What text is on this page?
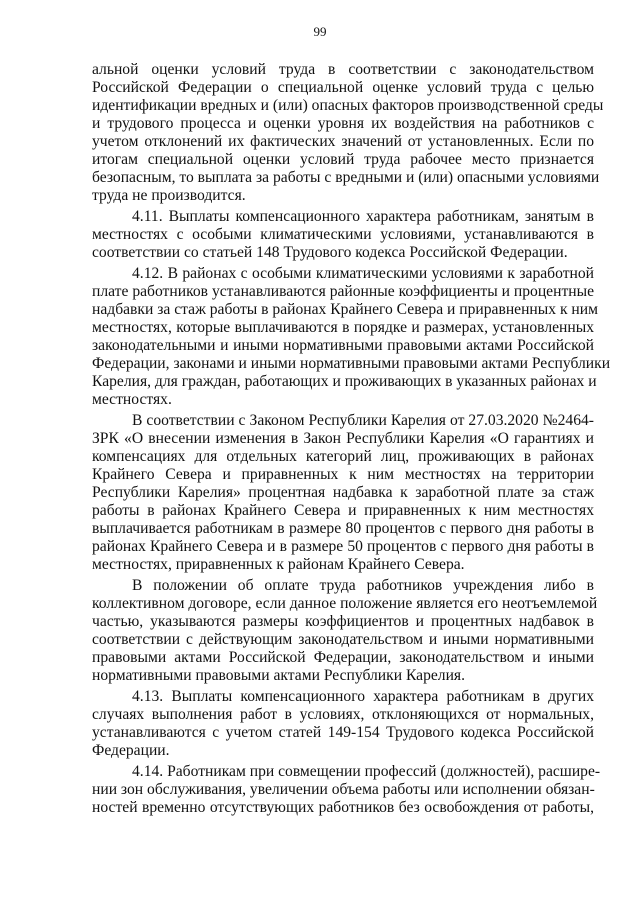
99
альной оценки условий труда в соответствии с законодательством
Российской Федерации о специальной оценке условий труда с целью
идентификации вредных и (или) опасных факторов производственной среды
и трудового процесса и оценки уровня их воздействия на работников с
учетом отклонений их фактических значений от установленных. Если по
итогам специальной оценки условий труда рабочее место признается
безопасным, то выплата за работы с вредными и (или) опасными условиями
труда не производится.
4.11. Выплаты компенсационного характера работникам, занятым в
местностях с особыми климатическими условиями, устанавливаются в
соответствии со статьей 148 Трудового кодекса Российской Федерации.
4.12. В районах с особыми климатическими условиями к заработной
плате работников устанавливаются районные коэффициенты и процентные
надбавки за стаж работы в районах Крайнего Севера и приравненных к ним
местностях, которые выплачиваются в порядке и размерах, установленных
законодательными и иными нормативными правовыми актами Российской
Федерации, законами и иными нормативными правовыми актами Республики
Карелия, для граждан, работающих и проживающих в указанных районах и
местностях.
В соответствии с Законом Республики Карелия от 27.03.2020 №2464-
ЗРК «О внесении изменения в Закон Республики Карелия «О гарантиях и
компенсациях для отдельных категорий лиц, проживающих в районах
Крайнего Севера и приравненных к ним местностях на территории
Республики Карелия» процентная надбавка к заработной плате за стаж
работы в районах Крайнего Севера и приравненных к ним местностях
выплачивается работникам в размере 80 процентов с первого дня работы в
районах Крайнего Севера и в размере 50 процентов с первого дня работы в
местностях, приравненных к районам Крайнего Севера.
В положении об оплате труда работников учреждения либо в
коллективном договоре, если данное положение является его неотъемлемой
частью, указываются размеры коэффициентов и процентных надбавок в
соответствии с действующим законодательством и иными нормативными
правовыми актами Российской Федерации, законодательством и иными
нормативными правовыми актами Республики Карелия.
4.13. Выплаты компенсационного характера работникам в других
случаях выполнения работ в условиях, отклоняющихся от нормальных,
устанавливаются с учетом статей 149-154 Трудового кодекса Российской
Федерации.
4.14. Работникам при совмещении профессий (должностей), расшире-
нии зон обслуживания, увеличении объема работы или исполнении обязан-
ностей временно отсутствующих работников без освобождения от работы,
